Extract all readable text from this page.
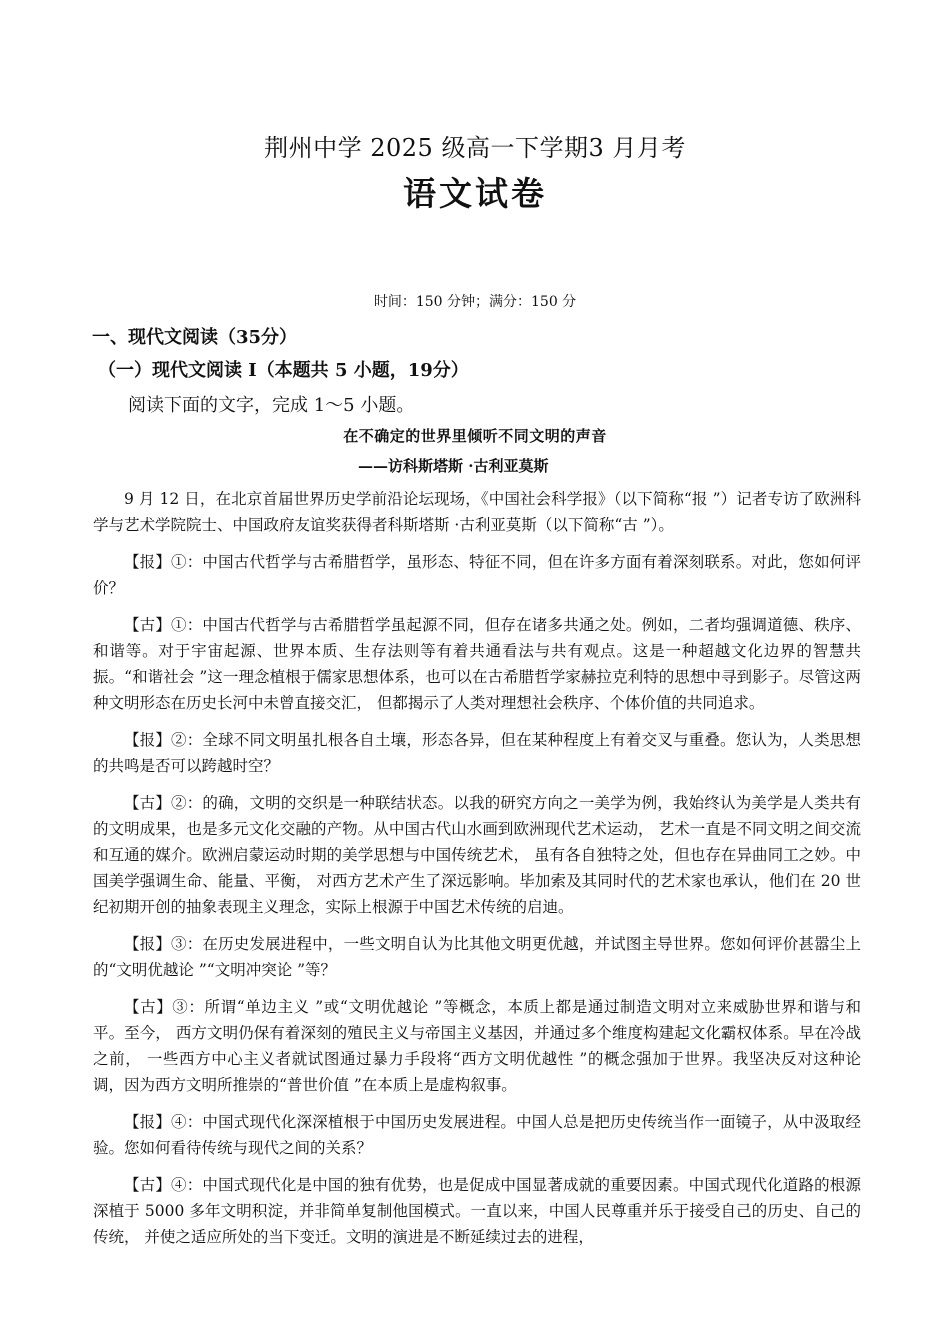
荆州中学 2025 级高一下学期3 月月考
语文试卷
时间：150 分钟；满分：150 分
一、现代文阅读（35分）
（一）现代文阅读 I（本题共 5 小题，19分）
阅读下面的文字，完成 1～5 小题。
在不确定的世界里倾听不同文明的声音
——访科斯塔斯 ·古利亚莫斯

9 月 12 日，在北京首届世界历史学前沿论坛现场，《中国社会科学报》（以下简称“报 ”）记者专访了欧洲科学与艺术学院院士、中国政府友谊奖获得者科斯塔斯 ·古利亚莫斯（以下简称“古 ”）。

【报】①：中国古代哲学与古希腊哲学，虽形态、特征不同，但在许多方面有着深刻联系。对此，您如何评价？

【古】①：中国古代哲学与古希腊哲学虽起源不同，但存在诸多共通之处。例如，二者均强调道德、秩序、和谐等。对于宇宙起源、世界本质、生存法则等有着共通看法与共有观点。这是一种超越文化边界的智慧共振。“和谐社会 ”这一理念植根于儒家思想体系，也可以在古希腊哲学家赫拉克利特的思想中寻到影子。尽管这两种文明形态在历史长河中未曾直接交汇， 但都揭示了人类对理想社会秩序、个体价值的共同追求。

【报】②：全球不同文明虽扎根各自土壤，形态各异，但在某种程度上有着交叉与重叠。您认为，人类思想的共鸣是否可以跨越时空？

【古】②：的确，文明的交织是一种联结状态。以我的研究方向之一美学为例，我始终认为美学是人类共有的文明成果，也是多元文化交融的产物。从中国古代山水画到欧洲现代艺术运动， 艺术一直是不同文明之间交流和互通的媒介。欧洲启蒙运动时期的美学思想与中国传统艺术， 虽有各自独特之处，但也存在异曲同工之妙。中国美学强调生命、能量、平衡， 对西方艺术产生了深远影响。毕加索及其同时代的艺术家也承认，他们在 20 世纪初期开创的抽象表现主义理念，实际上根源于中国艺术传统的启迪。

【报】③：在历史发展进程中，一些文明自认为比其他文明更优越，并试图主导世界。您如何评价甚嚣尘上的“文明优越论 ”“文明冲突论 ”等？

【古】③：所谓“单边主义 ”或“文明优越论 ”等概念，本质上都是通过制造文明对立来威胁世界和谐与和平。至今， 西方文明仍保有着深刻的殖民主义与帝国主义基因，并通过多个维度构建起文化霸权体系。早在冷战之前， 一些西方中心主义者就试图通过暴力手段将“西方文明优越性 ”的概念强加于世界。我坚决反对这种论调，因为西方文明所推崇的“普世价值 ”在本质上是虚构叙事。

【报】④：中国式现代化深深植根于中国历史发展进程。中国人总是把历史传统当作一面镜子，从中汲取经验。您如何看待传统与现代之间的关系？

【古】④：中国式现代化是中国的独有优势，也是促成中国显著成就的重要因素。中国式现代化道路的根源深植于 5000 多年文明积淀，并非简单复制他国模式。一直以来，中国人民尊重并乐于接受自己的历史、自己的传统， 并使之适应所处的当下变迁。文明的演进是不断延续过去的进程，
